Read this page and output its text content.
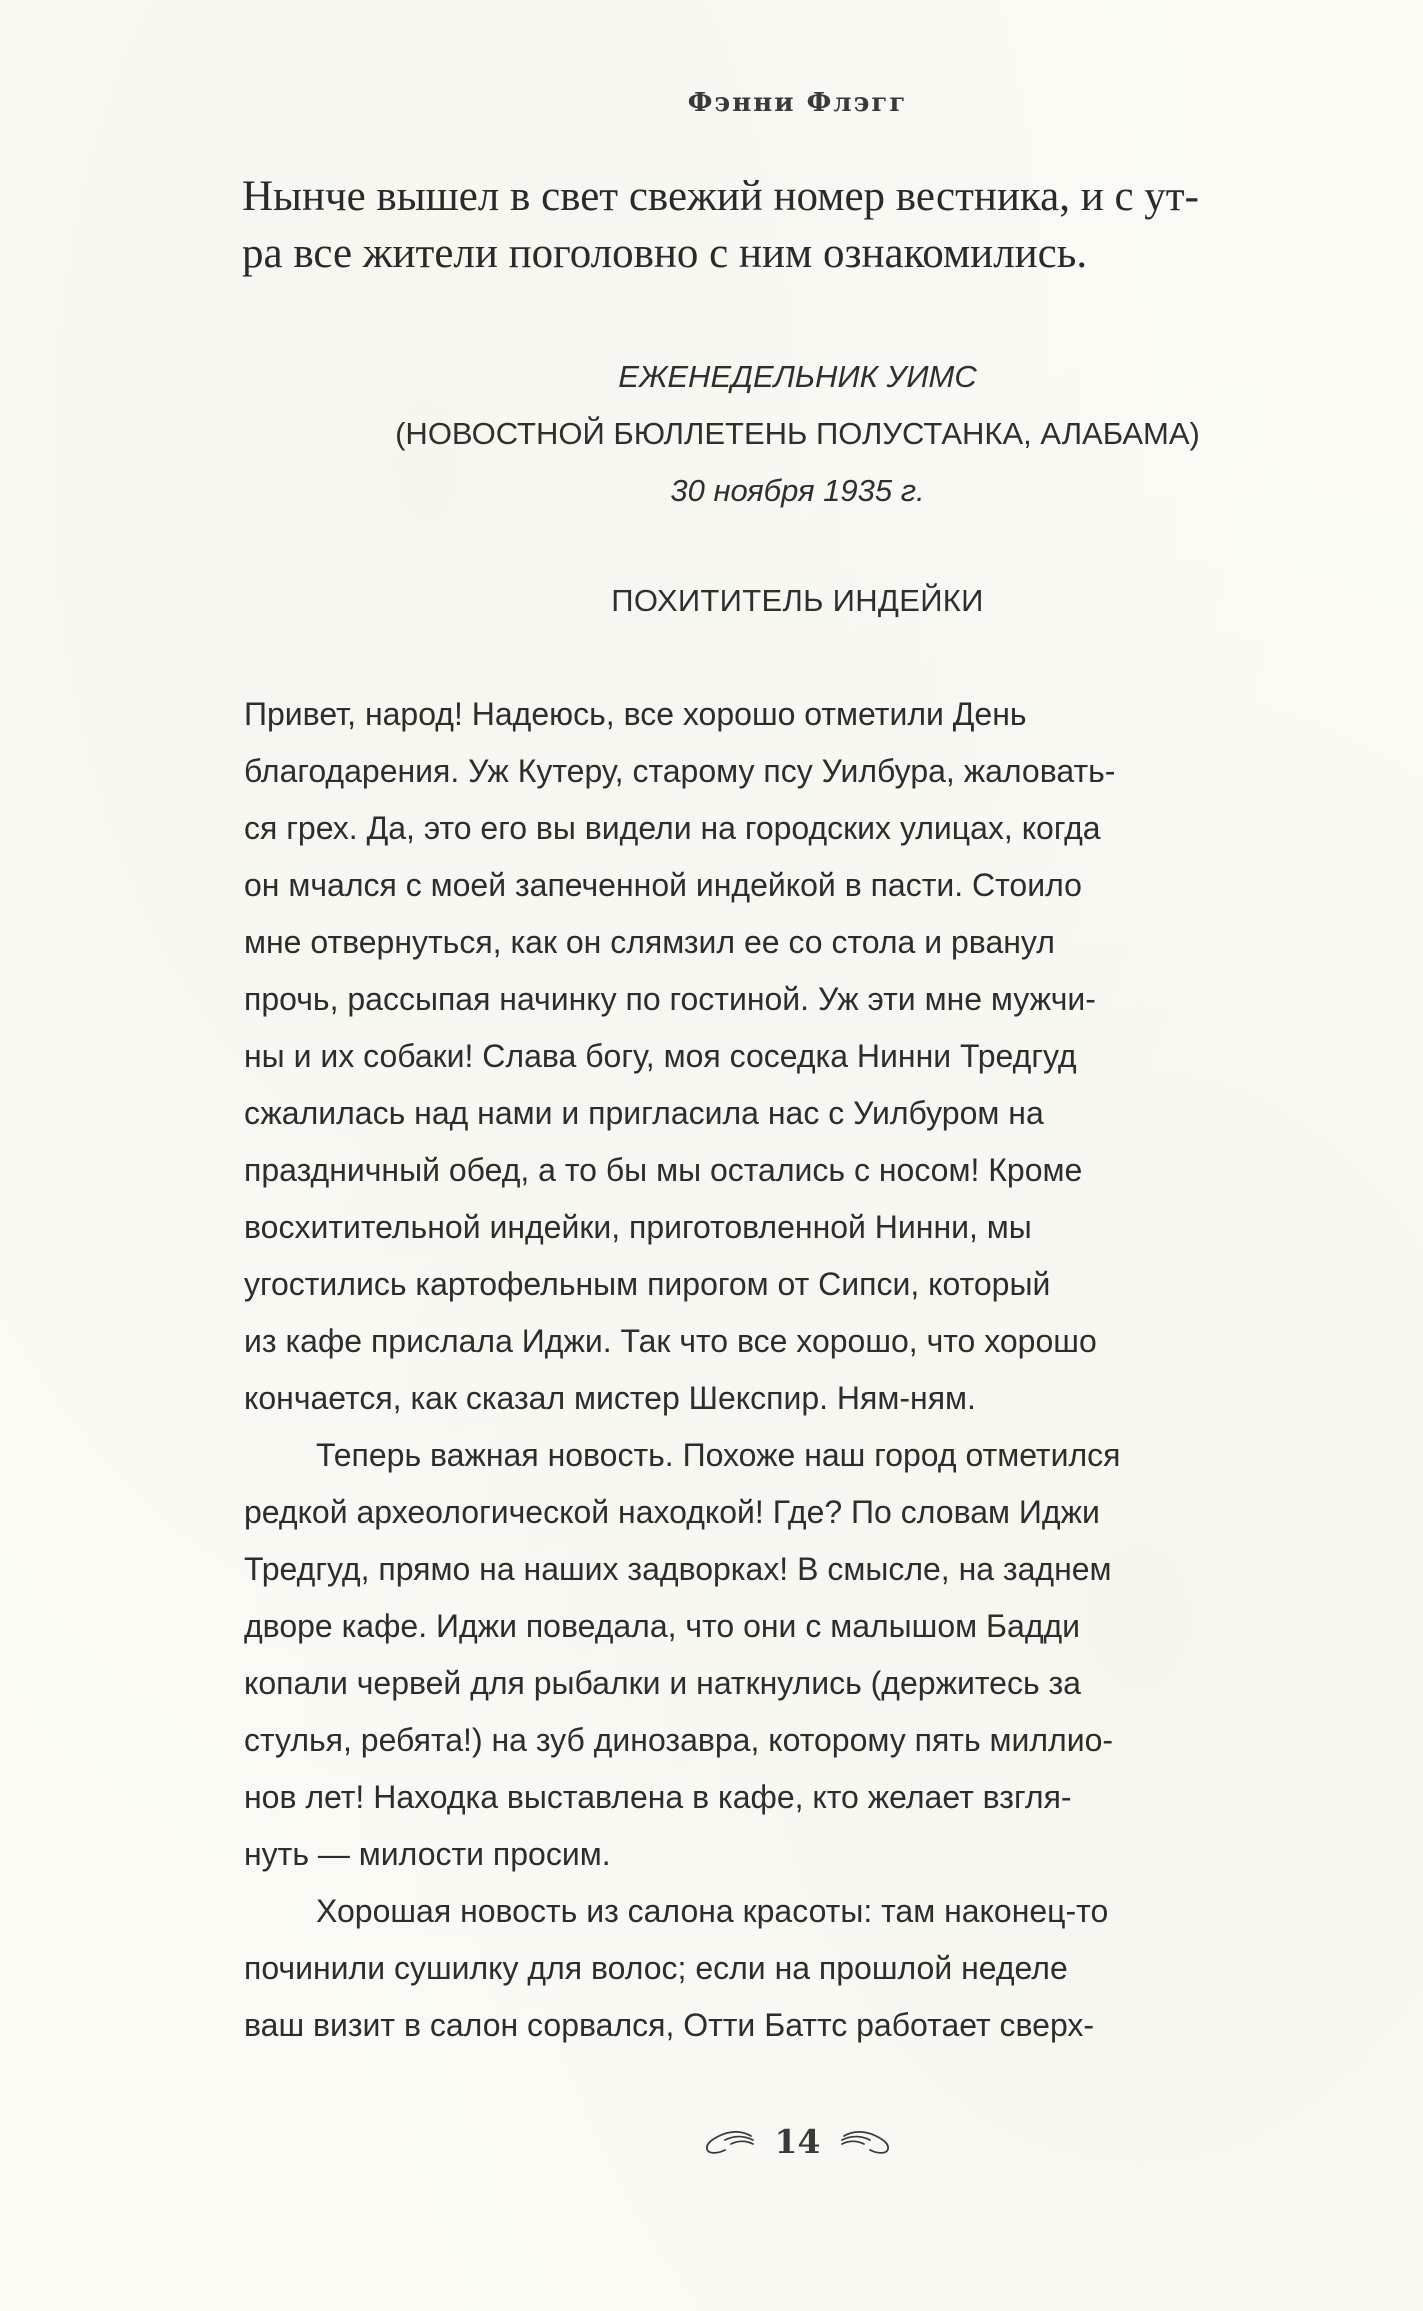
Фэнни Флэгг
Нынче вышел в свет свежий номер вестника, и с ут-
ра все жители поголовно с ним ознакомились.
ЕЖЕНЕДЕЛЬНИК УИМС
(НОВОСТНОЙ БЮЛЛЕТЕНЬ ПОЛУСТАНКА, АЛАБАМА)
30 ноября 1935 г.
ПОХИТИТЕЛЬ ИНДЕЙКИ
Привет, народ! Надеюсь, все хорошо отметили День
благодарения. Уж Кутеру, старому псу Уилбура, жаловать-
ся грех. Да, это его вы видели на городских улицах, когда
он мчался с моей запеченной индейкой в пасти. Стоило
мне отвернуться, как он слямзил ее со стола и рванул
прочь, рассыпая начинку по гостиной. Уж эти мне мужчи-
ны и их собаки! Слава богу, моя соседка Нинни Тредгуд
сжалилась над нами и пригласила нас с Уилбуром на
праздничный обед, а то бы мы остались с носом! Кроме
восхитительной индейки, приготовленной Нинни, мы
угостились картофельным пирогом от Сипси, который
из кафе прислала Иджи. Так что все хорошо, что хорошо
кончается, как сказал мистер Шекспир. Ням-ням.
Теперь важная новость. Похоже наш город отметился
редкой археологической находкой! Где? По словам Иджи
Тредгуд, прямо на наших задворках! В смысле, на заднем
дворе кафе. Иджи поведала, что они с малышом Бадди
копали червей для рыбалки и наткнулись (держитесь за
стулья, ребята!) на зуб динозавра, которому пять миллио-
нов лет! Находка выставлена в кафе, кто желает взгля-
нуть — милости просим.
Хорошая новость из салона красоты: там наконец-то
починили сушилку для волос; если на прошлой неделе
ваш визит в салон сорвался, Отти Баттс работает сверх-
14
